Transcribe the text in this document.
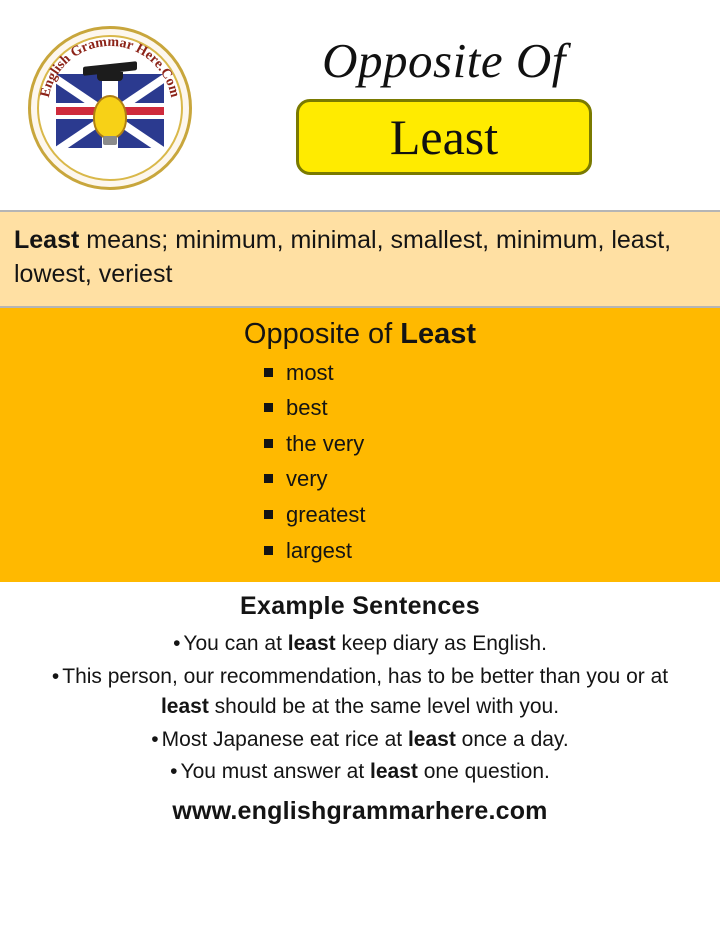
English Grammar Here.Com
Opposite Of
Least

Least means; minimum, minimal, smallest, minimum, least, lowest, veriest

Opposite of Least
most
best
the very
very
greatest
largest
Example Sentences
• You can at least keep diary as English.
• This person, our recommendation, has to be better than you or at least should be at the same level with you.
• Most Japanese eat rice at least once a day.
• You must answer at least one question.
www.englishgrammarhere.com
